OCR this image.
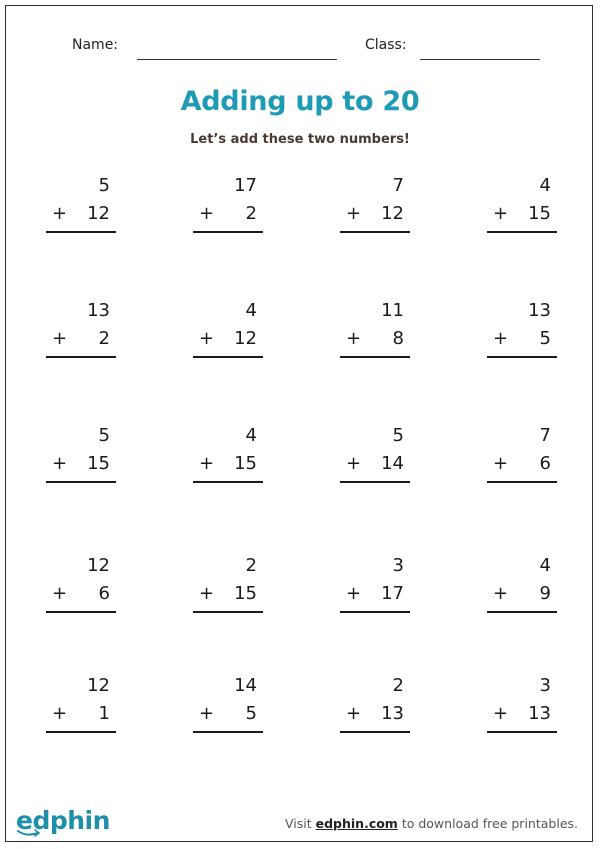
Name:	Class:
Adding up to 20
Let’s add these two numbers!
5
+ 12
17
+ 2
7
+ 12
4
+ 15
13
+ 2
4
+ 12
11
+ 8
13
+ 5
5
+ 15
4
+ 15
5
+ 14
7
+ 6
12
+ 6
2
+ 15
3
+ 17
4
+ 9
12
+ 1
14
+ 5
2
+ 13
3
+ 13
edphin	Visit edphin.com to download free printables.
